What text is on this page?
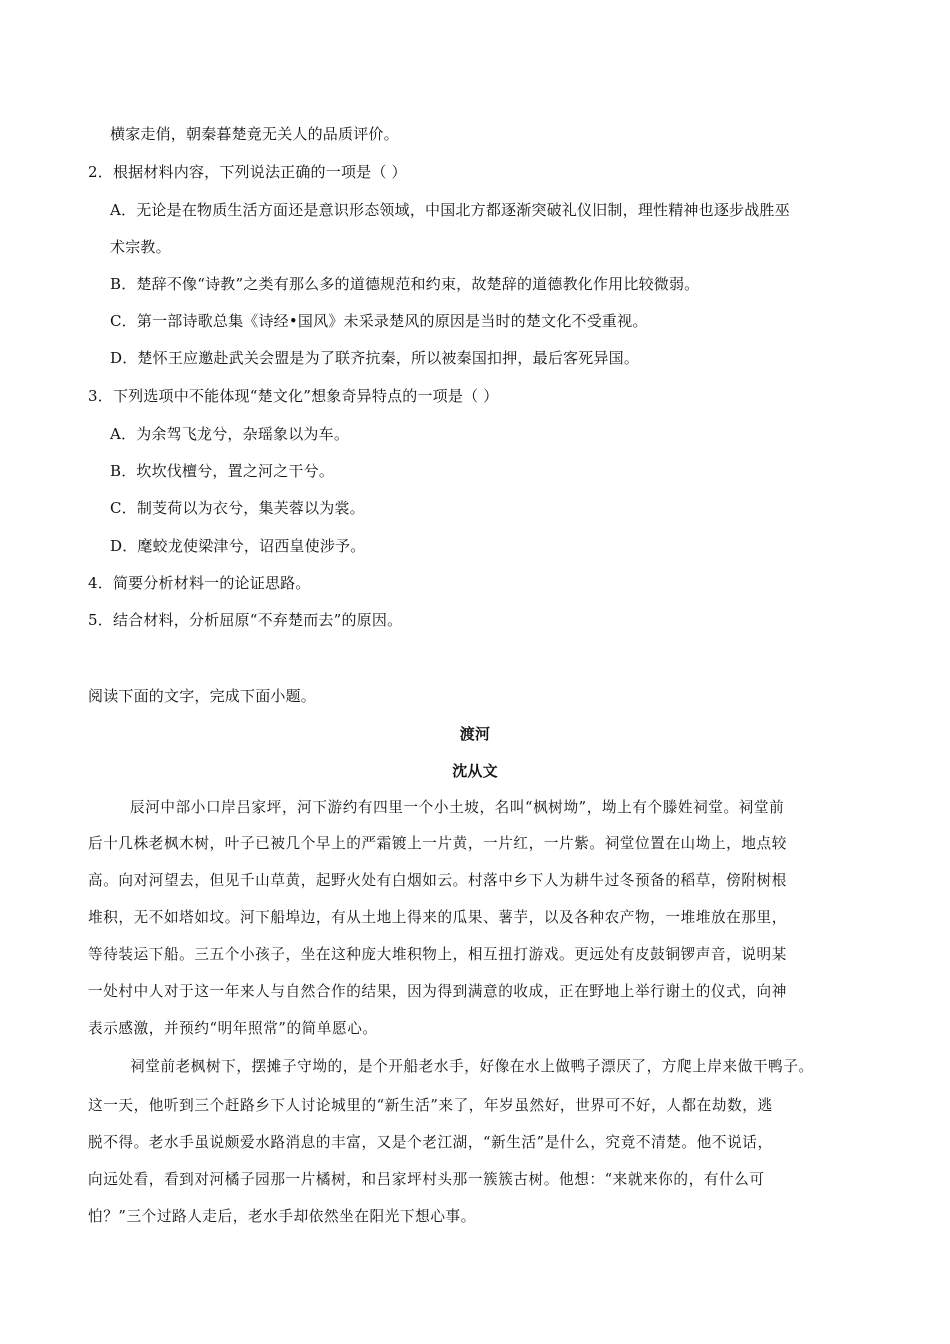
横家走俏，朝秦暮楚竟无关人的品质评价。
2．根据材料内容，下列说法正确的一项是（ ）
A．无论是在物质生活方面还是意识形态领域，中国北方都逐渐突破礼仪旧制，理性精神也逐步战胜巫
术宗教。
B．楚辞不像“诗教”之类有那么多的道德规范和约束，故楚辞的道德教化作用比较微弱。
C．第一部诗歌总集《诗经•国风》未采录楚风的原因是当时的楚文化不受重视。
D．楚怀王应邀赴武关会盟是为了联齐抗秦，所以被秦国扣押，最后客死异国。
3．下列选项中不能体现“楚文化”想象奇异特点的一项是（ ）
A．为余驾飞龙兮，杂瑶象以为车。
B．坎坎伐檀兮，置之河之干兮。
C．制芰荷以为衣兮，集芙蓉以为裳。
D．麾蛟龙使梁津兮，诏西皇使涉予。
4．简要分析材料一的论证思路。
5．结合材料，分析屈原“不弃楚而去”的原因。
阅读下面的文字，完成下面小题。
渡河
沈从文
辰河中部小口岸吕家坪，河下游约有四里一个小土坡，名叫“枫树坳”，坳上有个滕姓祠堂。祠堂前
后十几株老枫木树，叶子已被几个早上的严霜镀上一片黄，一片红，一片紫。祠堂位置在山坳上，地点较
高。向对河望去，但见千山草黄，起野火处有白烟如云。村落中乡下人为耕牛过冬预备的稻草，傍附树根
堆积，无不如塔如坟。河下船埠边，有从土地上得来的瓜果、薯芋，以及各种农产物，一堆堆放在那里，
等待装运下船。三五个小孩子，坐在这种庞大堆积物上，相互扭打游戏。更远处有皮鼓铜锣声音，说明某
一处村中人对于这一年来人与自然合作的结果，因为得到满意的收成，正在野地上举行谢土的仪式，向神
表示感激，并预约“明年照常”的简单愿心。
祠堂前老枫树下，摆摊子守坳的，是个开船老水手，好像在水上做鸭子漂厌了，方爬上岸来做干鸭子。
这一天，他听到三个赶路乡下人讨论城里的“新生活”来了，年岁虽然好，世界可不好，人都在劫数，逃
脱不得。老水手虽说颇爱水路消息的丰富，又是个老江湖，“新生活”是什么，究竟不清楚。他不说话，
向远处看，看到对河橘子园那一片橘树，和吕家坪村头那一簇簇古树。他想：“来就来你的，有什么可
怕？”三个过路人走后，老水手却依然坐在阳光下想心事。
